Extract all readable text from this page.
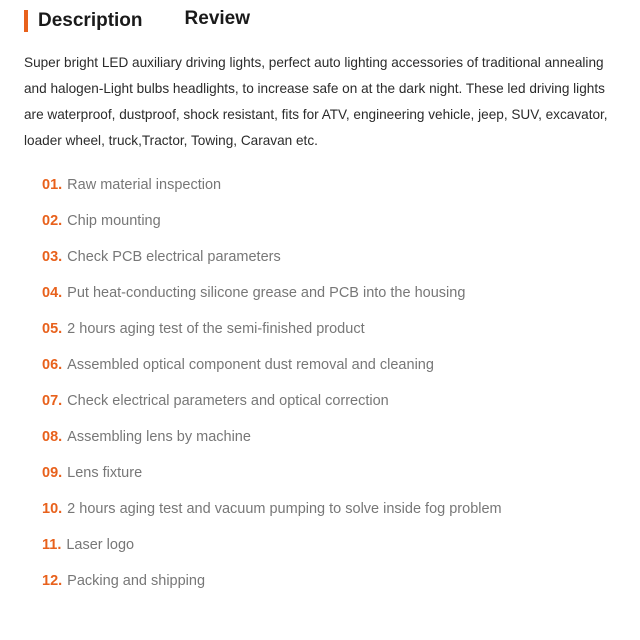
Description Review

Super bright LED auxiliary driving lights, perfect auto lighting accessories of traditional annealing and halogen-Light bulbs headlights, to increase safe on at the dark night. These led driving lights are waterproof, dustproof, shock resistant, fits for ATV, engineering vehicle, jeep, SUV, excavator, loader wheel, truck,Tractor, Towing, Caravan etc.

01. Raw material inspection
02. Chip mounting
03. Check PCB electrical parameters
04. Put heat-conducting silicone grease and PCB into the housing
05. 2 hours aging test of the semi-finished product
06. Assembled optical component dust removal and cleaning
07. Check electrical parameters and optical correction
08. Assembling lens by machine
09. Lens fixture
10. 2 hours aging test and vacuum pumping to solve inside fog problem
11. Laser logo
12. Packing and shipping
